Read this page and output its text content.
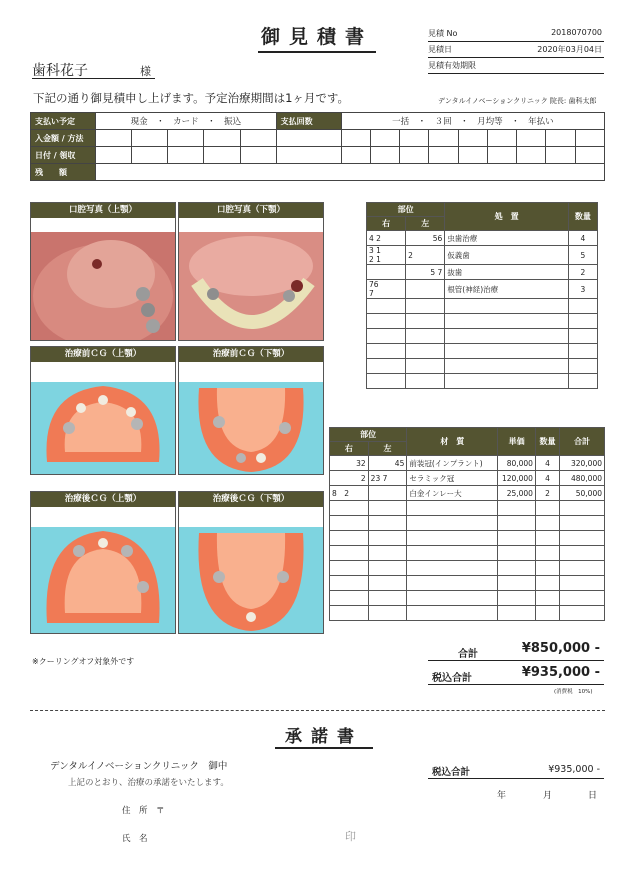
御見積書	見積 No	2018070700
見積日	2020年03月04日
見積有効期限
歯科花子	様
下記の通り御見積申し上げます。予定治療期間は1ヶ月です。	デンタルイノベーションクリニック 院長: 歯科太郎
支払い予定	現金　・　カード　・　振込					支払回数	一括　・　３回　・　月均等　・　年払い								
入金額 / 方法															
日付 / 領収															
残　　額															
口腔写真（上顎）	口腔写真（下顎）
治療前ＣＧ（上顎）	治療前ＣＧ（下顎）
治療後ＣＧ（上顎）	治療後ＣＧ（下顎）
部位		処　置	数量
右	左		
4 2	56	虫歯治療	4
3 1
2 1	2	仮義歯	5
	5 7	抜歯	2
76
7		根管(神経)治療	3

部位		材　質	単価	数量	合計
右	左				
32	45	前装冠(インプラント)	80,000	4	320,000
2	23 7	セラミック冠	120,000	4	480,000
8　2		白金インレー大	25,000	2	50,000

※クーリングオフ対象外です
合計	¥850,000 -
税込合計	¥935,000 -
(消費税　10%)
承諾書
デンタルイノベーションクリニック　御中
上記のとおり、治療の承諾をいたします。
住　所　〒
氏　名	印
税込合計	¥935,000 -
年	月	日
